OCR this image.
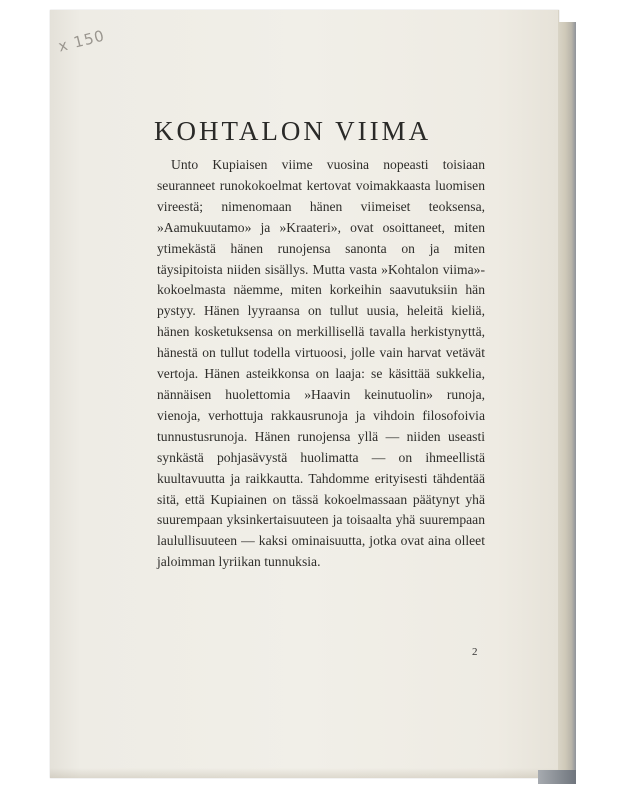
x 150
KOHTALON VIIMA

Unto Kupiaisen viime vuosina nopeasti toisiaan seuranneet runokokoelmat kertovat voimakkaasta luomisen vireestä; nimenomaan hänen viimeiset teoksensa, »Aamukuutamo» ja »Kraateri», ovat osoittaneet, miten ytimekästä hänen runojensa sanonta on ja miten täysipitoista niiden sisällys. Mutta vasta »Kohtalon viima»-kokoelmasta näemme, miten korkeihin saavutuksiin hän pystyy. Hänen lyyraansa on tullut uusia, heleitä kieliä, hänen kosketuksensa on merkillisellä tavalla herkistynyttä, hänestä on tullut todella virtuoosi, jolle vain harvat vetävät vertoja. Hänen asteikkonsa on laaja: se käsittää sukkelia, nännäisen huolettomia »Haavin keinutuolin» runoja, vienoja, verhottuja rakkausrunoja ja vihdoin filosofoivia tunnustusrunoja. Hänen runojensa yllä — niiden useasti synkästä pohjasävystä huolimatta — on ihmeellistä kuultavuutta ja raikkautta. Tahdomme erityisesti tähdentää sitä, että Kupiainen on tässä kokoelmassaan päätynyt yhä suurempaan yksinkertaisuuteen ja toisaalta yhä suurempaan laulullisuuteen — kaksi ominaisuutta, jotka ovat aina olleet jaloimman lyriikan tunnuksia.

2
